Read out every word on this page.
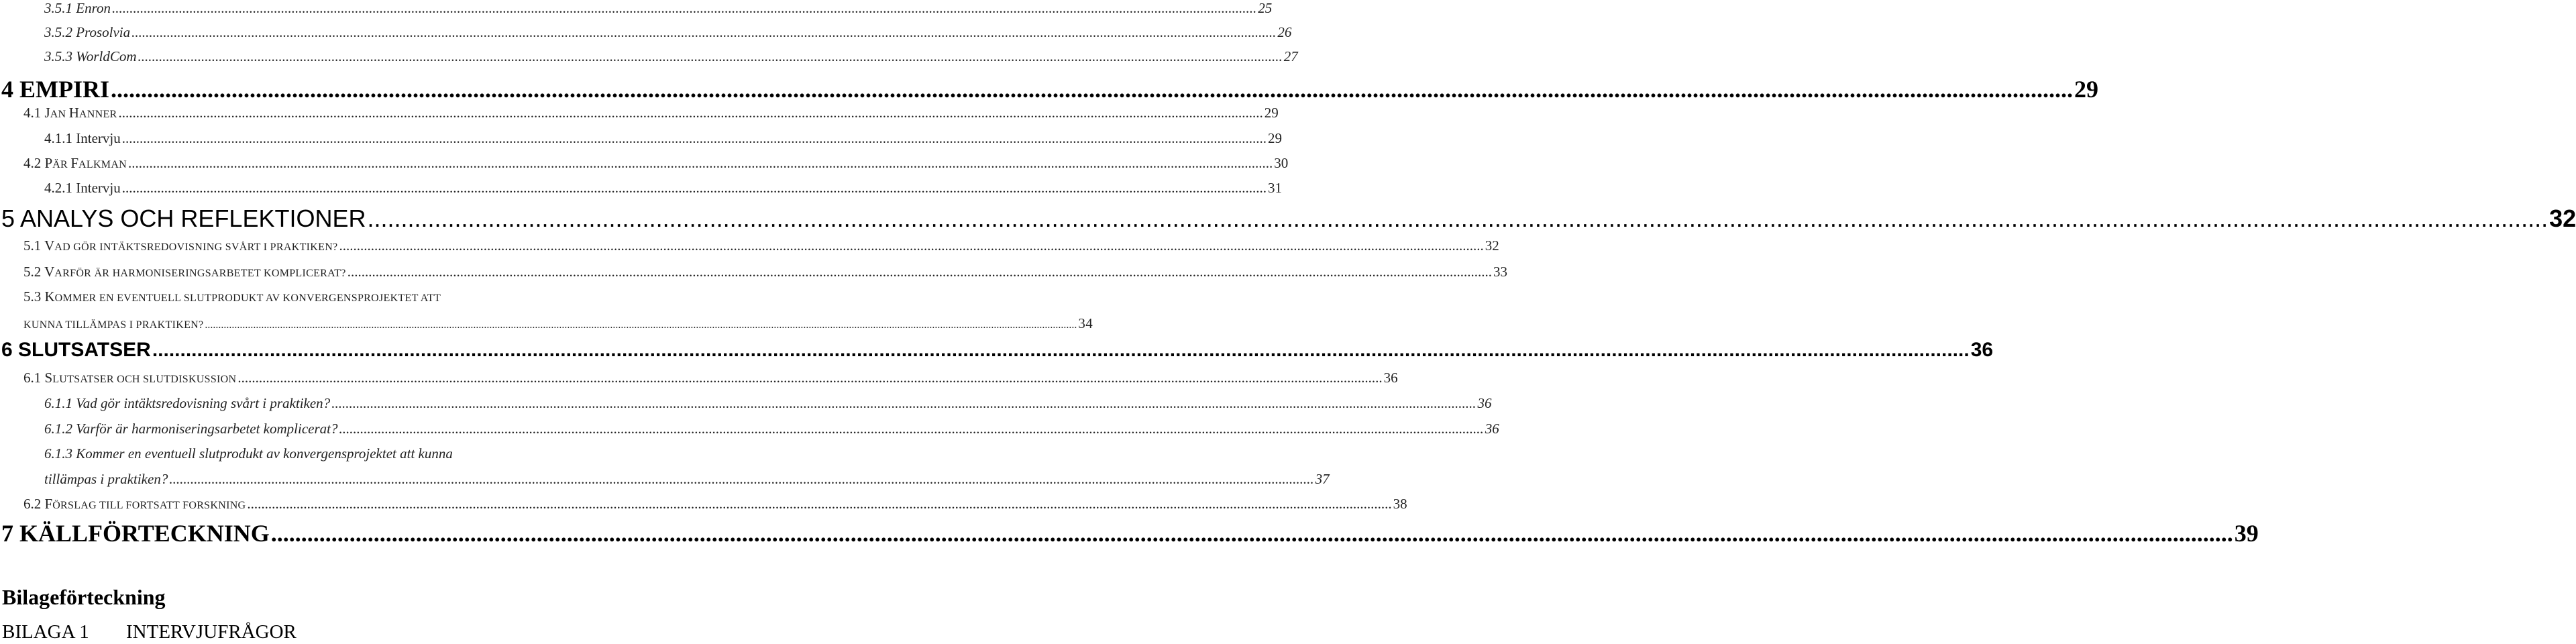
3.5.1 Enron .....	25
3.5.2 Prosolvia .....	26
3.5.3 WorldCom .....	27
4 EMPIRI .....	29
4.1 JAN HANNER .....	29
4.1.1 Intervju .....	29
4.2 PÄR FALKMAN .....	30
4.2.1 Intervju .....	31
5 ANALYS OCH REFLEKTIONER .....	32
5.1 VAD GÖR INTÄKTSREDOVISNING SVÅRT I PRAKTIKEN? .....	32
5.2 VARFÖR ÄR HARMONISERINGSARBETET KOMPLICERAT? .....	33
5.3 KOMMER EN EVENTUELL SLUTPRODUKT AV KONVERGENSPROJEKTET ATT
KUNNA TILLÄMPAS I PRAKTIKEN? .....	34
6 SLUTSATSER .....	36
6.1 SLUTSATSER OCH SLUTDISKUSSION .....	36
6.1.1 Vad gör intäktsredovisning svårt i praktiken? .....	36
6.1.2 Varför är harmoniseringsarbetet komplicerat? .....	36
6.1.3 Kommer en eventuell slutprodukt av konvergensprojektet att kunna
tillämpas i praktiken? .....	37
6.2 FÖRSLAG TILL FORTSATT FORSKNING .....	38
7 KÄLLFÖRTECKNING .....	39
Bilageförteckning
BILAGA 1 INTERVJUFRÅGOR
